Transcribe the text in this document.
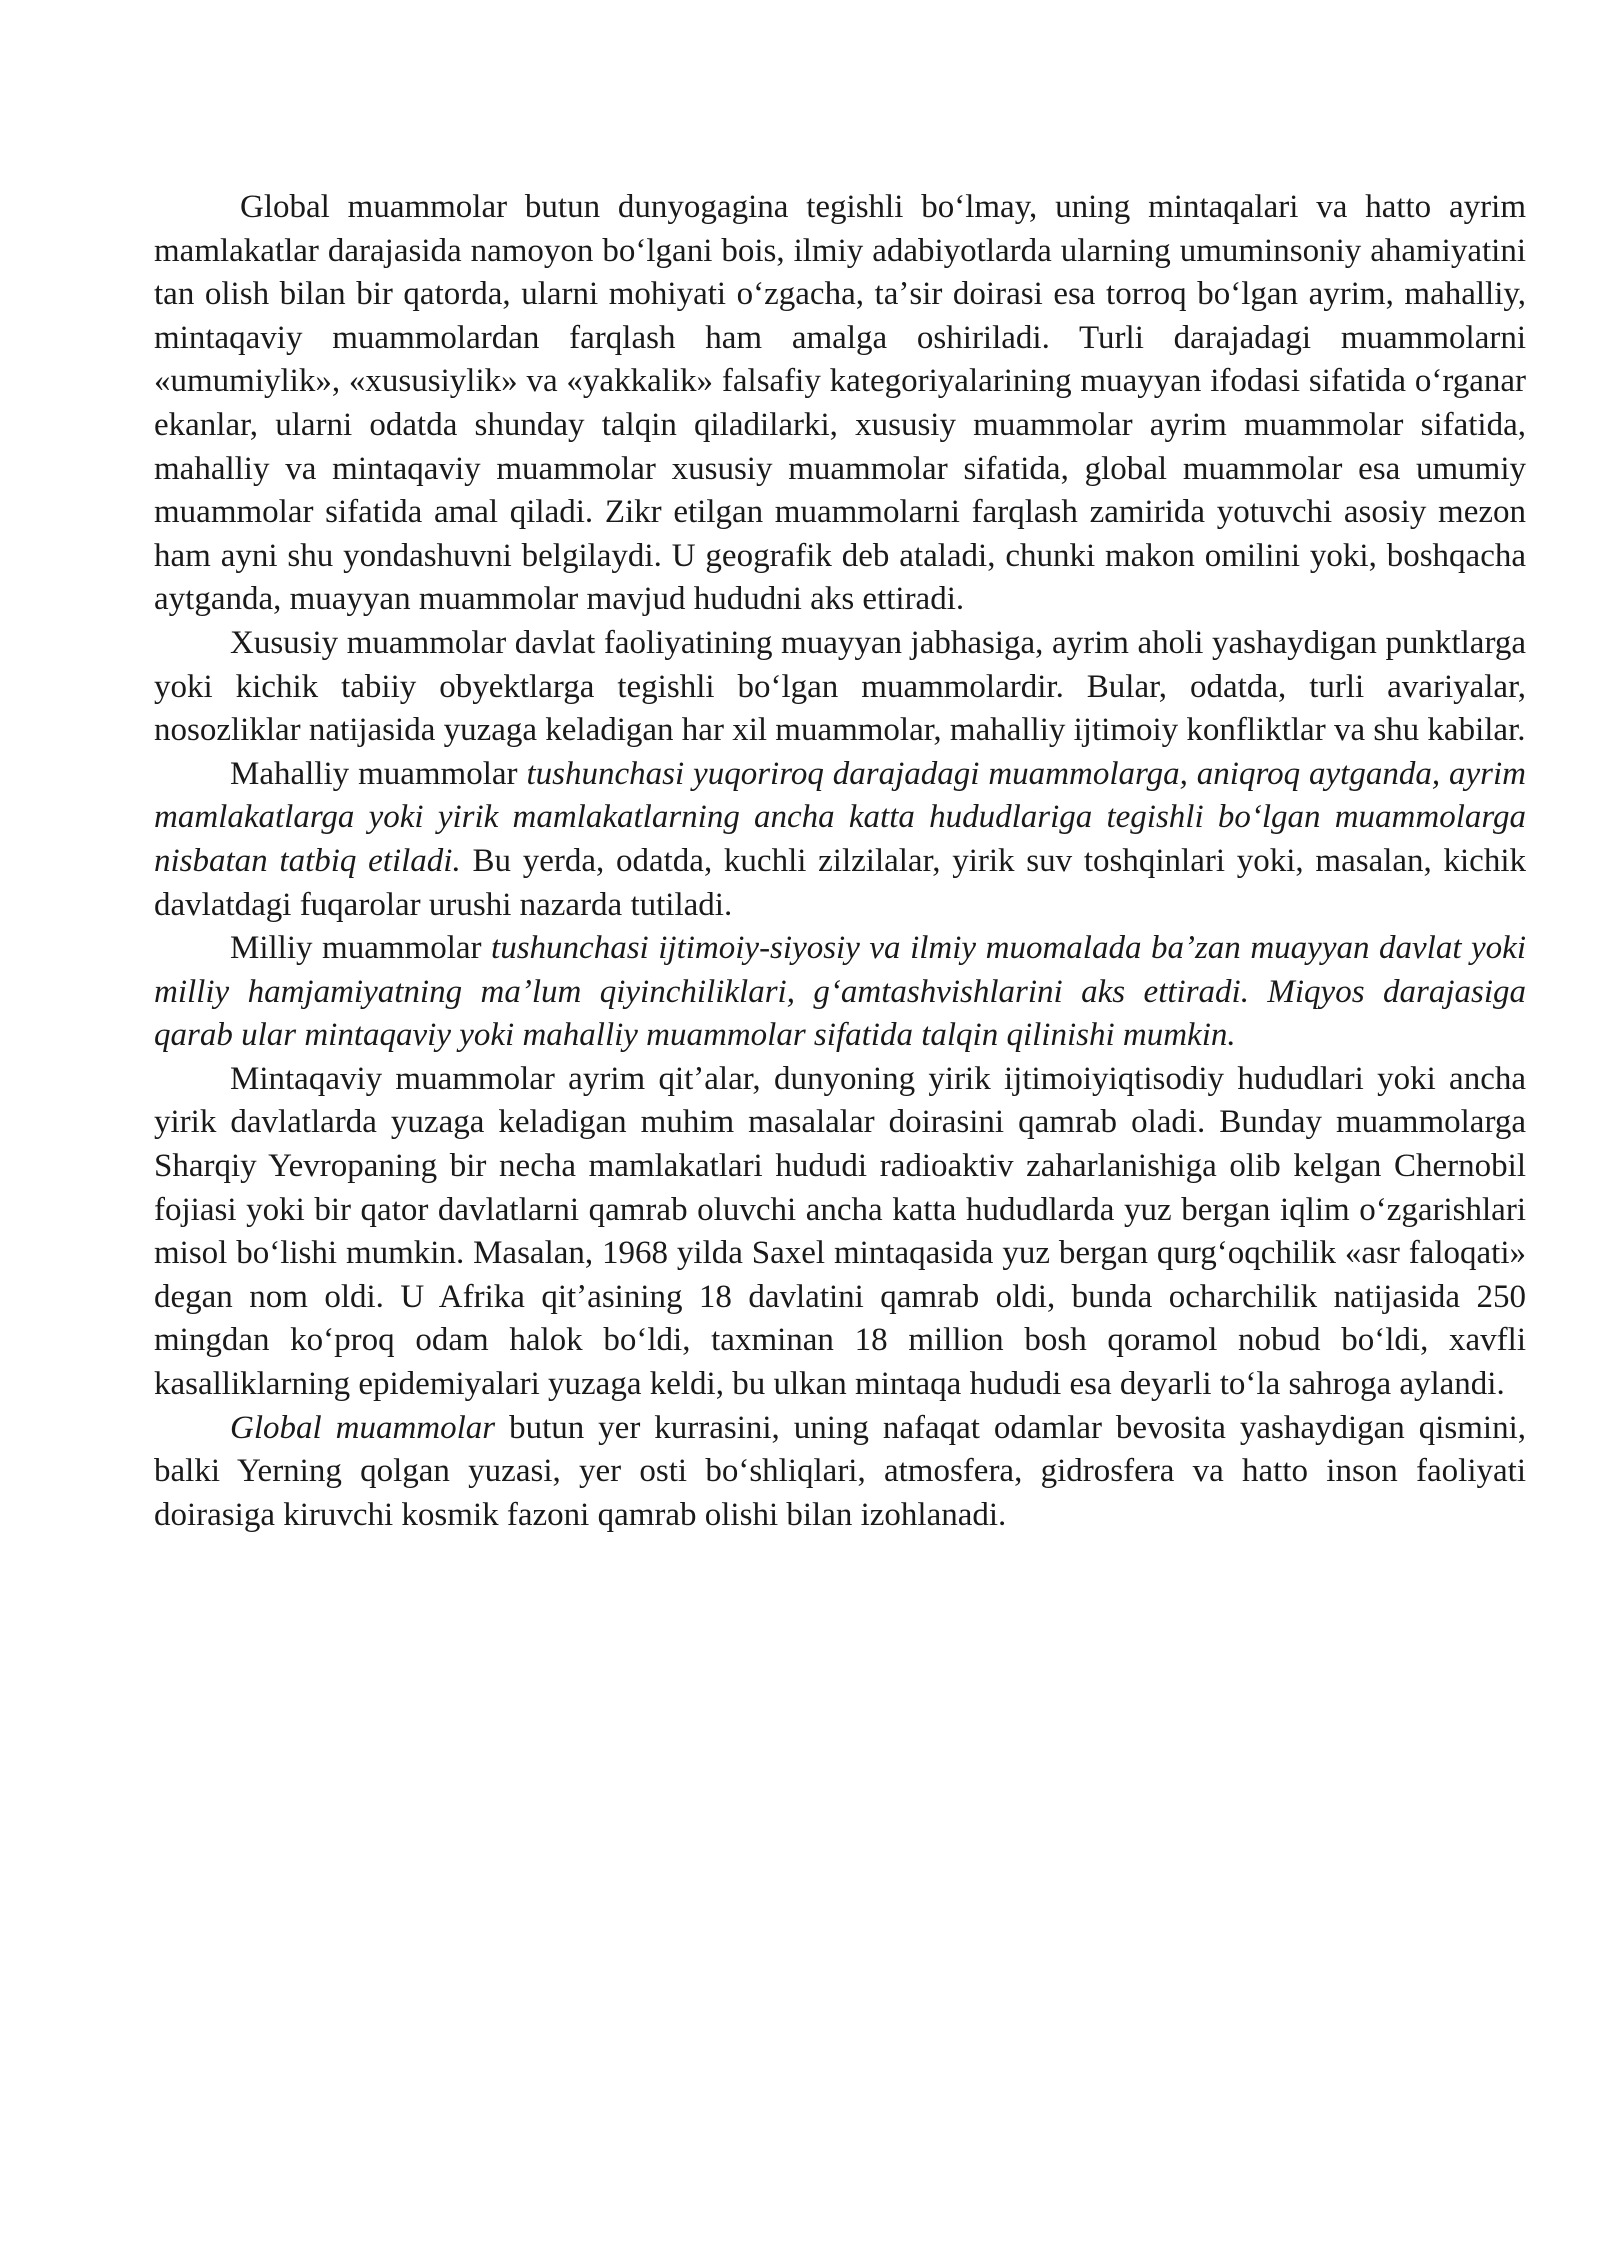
Global muammolar butun dunyogagina tegishli boʻlmay, uning mintaqalari va hatto ayrim mamlakatlar darajasida namoyon boʻlgani bois, ilmiy adabiyotlarda ularning umuminsoniy ahamiyatini tan olish bilan bir qatorda, ularni mohiyati oʻzgacha, taʼsir doirasi esa torroq boʻlgan ayrim, mahalliy, mintaqaviy muammolardan farqlash ham amalga oshiriladi. Turli darajadagi muammolarni «umumiylik», «xususiylik» va «yakkalik» falsafiy kategoriyalarining muayyan ifodasi sifatida oʻrganar ekanlar, ularni odatda shunday talqin qiladilarki, xususiy muammolar ayrim muammolar sifatida, mahalliy va mintaqaviy muammolar xususiy muammolar sifatida, global muammolar esa umumiy muammolar sifatida amal qiladi. Zikr etilgan muammolarni farqlash zamirida yotuvchi asosiy mezon ham ayni shu yondashuvni belgilaydi. U geografik deb ataladi, chunki makon omilini yoki, boshqacha aytganda, muayyan muammolar mavjud hududni aks ettiradi.

Xususiy muammolar davlat faoliyatining muayyan jabhasiga, ayrim aholi yashaydigan punktlarga yoki kichik tabiiy obyektlarga tegishli boʻlgan muammolardir. Bular, odatda, turli avariyalar, nosozliklar natijasida yuzaga keladigan har xil muammolar, mahalliy ijtimoiy konfliktlar va shu kabilar.

Mahalliy muammolar tushunchasi yuqoriroq darajadagi muammolarga, aniqroq aytganda, ayrim mamlakatlarga yoki yirik mamlakatlarning ancha katta hududlariga tegishli boʻlgan muammolarga nisbatan tatbiq etiladi. Bu yerda, odatda, kuchli zilzilalar, yirik suv toshqinlari yoki, masalan, kichik davlatdagi fuqarolar urushi nazarda tutiladi.

Milliy muammolar tushunchasi ijtimoiy-siyosiy va ilmiy muomalada baʼzan muayyan davlat yoki milliy hamjamiyatning maʼlum qiyinchiliklari, gʻamtashvishlarini aks ettiradi. Miqyos darajasiga qarab ular mintaqaviy yoki mahalliy muammolar sifatida talqin qilinishi mumkin.

Mintaqaviy muammolar ayrim qitʼalar, dunyoning yirik ijtimoiyiqtisodiy hududlari yoki ancha yirik davlatlarda yuzaga keladigan muhim masalalar doirasini qamrab oladi. Bunday muammolarga Sharqiy Yevropaning bir necha mamlakatlari hududi radioaktiv zaharlanishiga olib kelgan Chernobil fojiasi yoki bir qator davlatlarni qamrab oluvchi ancha katta hududlarda yuz bergan iqlim oʻzgarishlari misol boʻlishi mumkin. Masalan, 1968 yilda Saxel mintaqasida yuz bergan qurgʻoqchilik «asr faloqati» degan nom oldi. U Afrika qitʼasining 18 davlatini qamrab oldi, bunda ocharchilik natijasida 250 mingdan koʻproq odam halok boʻldi, taxminan 18 million bosh qoramol nobud boʻldi, xavfli kasalliklarning epidemiyalari yuzaga keldi, bu ulkan mintaqa hududi esa deyarli toʻla sahroga aylandi.

Global muammolar butun yer kurrasini, uning nafaqat odamlar bevosita yashaydigan qismini, balki Yerning qolgan yuzasi, yer osti boʻshliqlari, atmosfera, gidrosfera va hatto inson faoliyati doirasiga kiruvchi kosmik fazoni qamrab olishi bilan izohlanadi.
